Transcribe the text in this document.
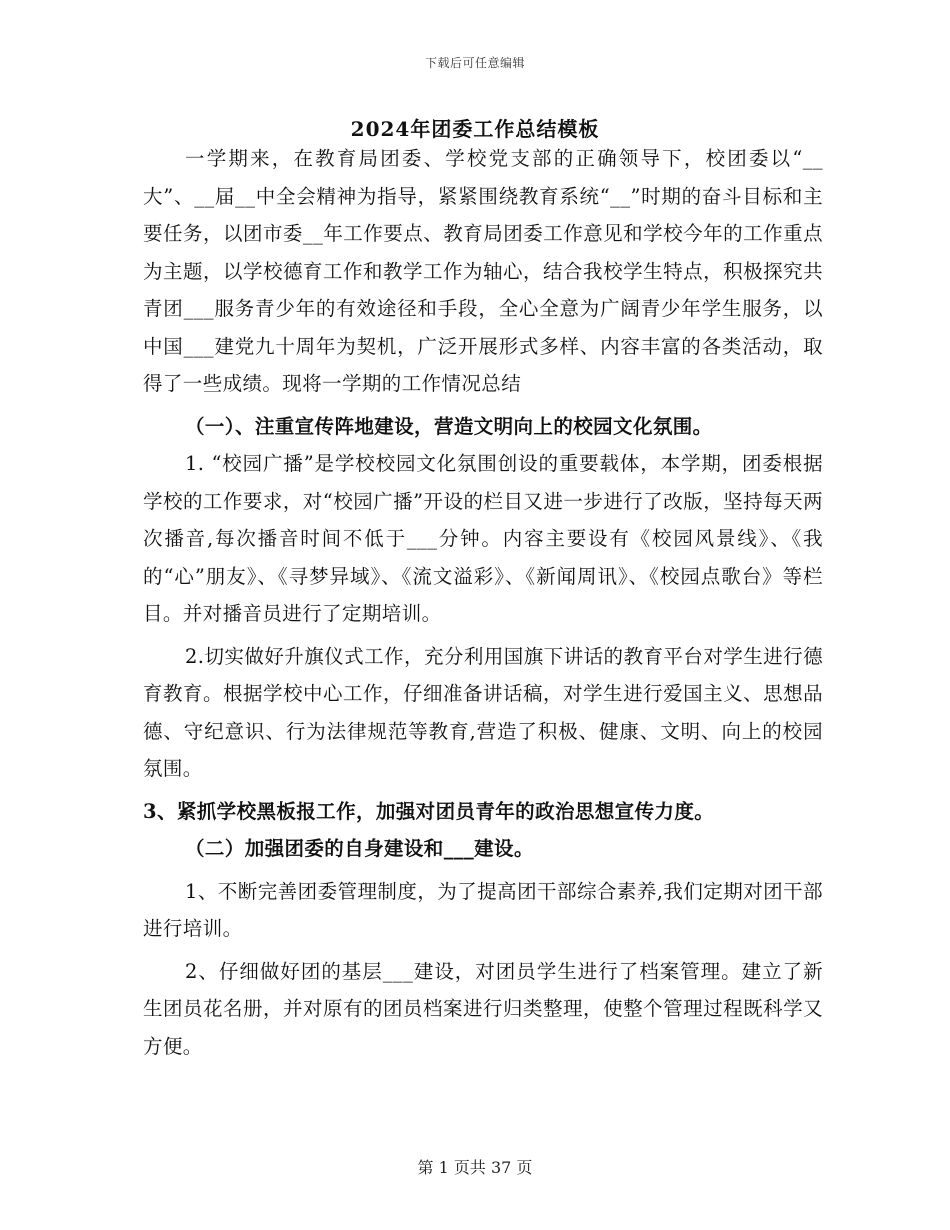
下载后可任意编辑
2024年团委工作总结模板

一学期来，在教育局团委、学校党支部的正确领导下，校团委以“__大”、__届__中全会精神为指导，紧紧围绕教育系统“__”时期的奋斗目标和主要任务，以团市委__年工作要点、教育局团委工作意见和学校今年的工作重点为主题，以学校德育工作和教学工作为轴心，结合我校学生特点，积极探究共青团___服务青少年的有效途径和手段，全心全意为广阔青少年学生服务，以中国___建党九十周年为契机，广泛开展形式多样、内容丰富的各类活动，取得了一些成绩。现将一学期的工作情况总结

（一）、注重宣传阵地建设，营造文明向上的校园文化氛围。

1. “校园广播”是学校校园文化氛围创设的重要载体，本学期，团委根据学校的工作要求，对“校园广播”开设的栏目又进一步进行了改版，坚持每天两次播音,每次播音时间不低于___分钟。内容主要设有《校园风景线》、《我的“心”朋友》、《寻梦异域》、《流文溢彩》、《新闻周讯》、《校园点歌台》等栏目。并对播音员进行了定期培训。

2.切实做好升旗仪式工作，充分利用国旗下讲话的教育平台对学生进行德育教育。根据学校中心工作，仔细准备讲话稿，对学生进行爱国主义、思想品德、守纪意识、行为法律规范等教育,营造了积极、健康、文明、向上的校园氛围。

3、紧抓学校黑板报工作，加强对团员青年的政治思想宣传力度。

（二）加强团委的自身建设和___建设。

1、不断完善团委管理制度，为了提高团干部综合素养,我们定期对团干部进行培训。

2、仔细做好团的基层___建设，对团员学生进行了档案管理。建立了新生团员花名册，并对原有的团员档案进行归类整理，使整个管理过程既科学又方便。

第 1 页共 37 页
